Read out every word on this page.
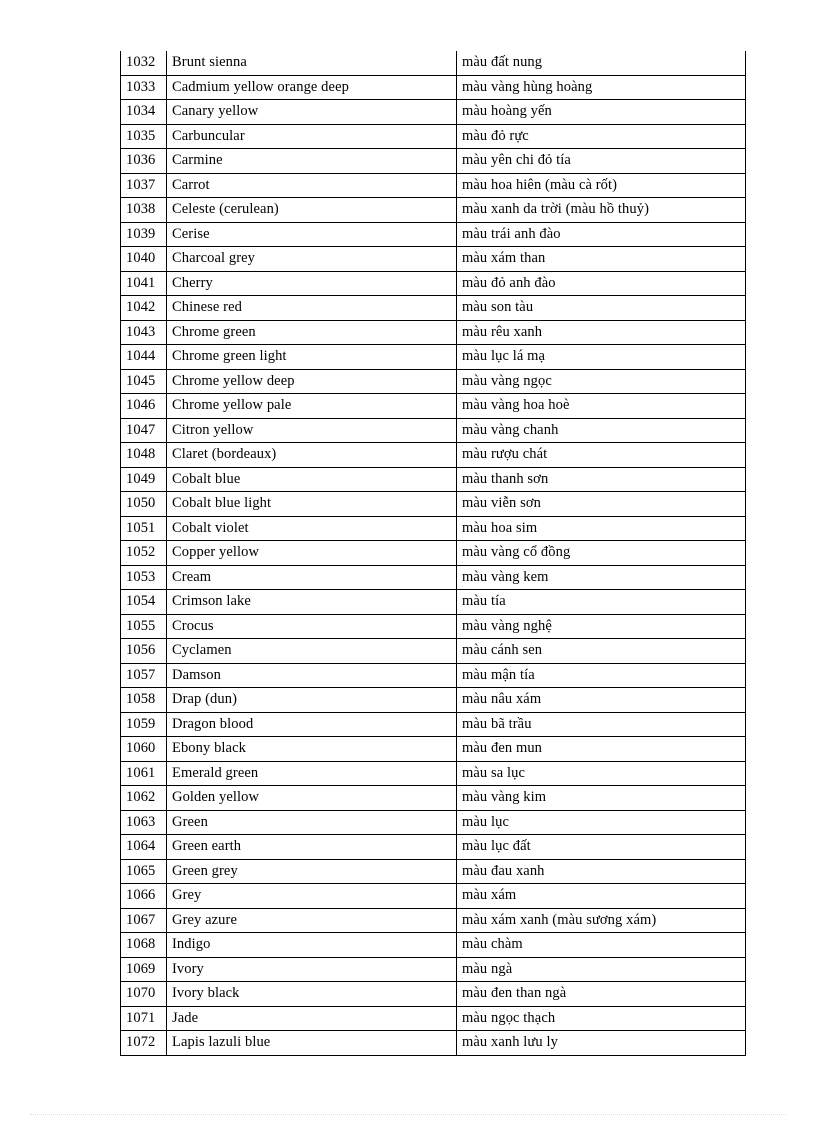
1032	Brunt sienna	màu đất nung
1033	Cadmium yellow orange deep	màu vàng hùng hoàng
1034	Canary yellow	màu hoàng yến
1035	Carbuncular	màu đỏ rực
1036	Carmine	màu yên chi đỏ tía
1037	Carrot	màu hoa hiên (màu cà rốt)
1038	Celeste (cerulean)	màu xanh da trời (màu hồ thuỷ)
1039	Cerise	màu trái anh đào
1040	Charcoal grey	màu xám than
1041	Cherry	màu đỏ anh đào
1042	Chinese red	màu son tàu
1043	Chrome green	màu rêu xanh
1044	Chrome green light	màu lục lá mạ
1045	Chrome yellow deep	màu vàng ngọc
1046	Chrome yellow pale	màu vàng hoa hoè
1047	Citron yellow	màu vàng chanh
1048	Claret (bordeaux)	màu rượu chát
1049	Cobalt blue	màu thanh sơn
1050	Cobalt blue light	màu viễn sơn
1051	Cobalt violet	màu hoa sim
1052	Copper yellow	màu vàng cổ đồng
1053	Cream	màu vàng kem
1054	Crimson lake	màu tía
1055	Crocus	màu vàng nghệ
1056	Cyclamen	màu cánh sen
1057	Damson	màu mận tía
1058	Drap (dun)	màu nâu xám
1059	Dragon blood	màu bã trầu
1060	Ebony black	màu đen mun
1061	Emerald green	màu sa lục
1062	Golden yellow	màu vàng kim
1063	Green	màu lục
1064	Green earth	màu lục đất
1065	Green grey	màu đau xanh
1066	Grey	màu xám
1067	Grey azure	màu xám xanh (màu sương xám)
1068	Indigo	màu chàm
1069	Ivory	màu ngà
1070	Ivory black	màu đen than ngà
1071	Jade	màu ngọc thạch
1072	Lapis lazuli blue	màu xanh lưu ly
